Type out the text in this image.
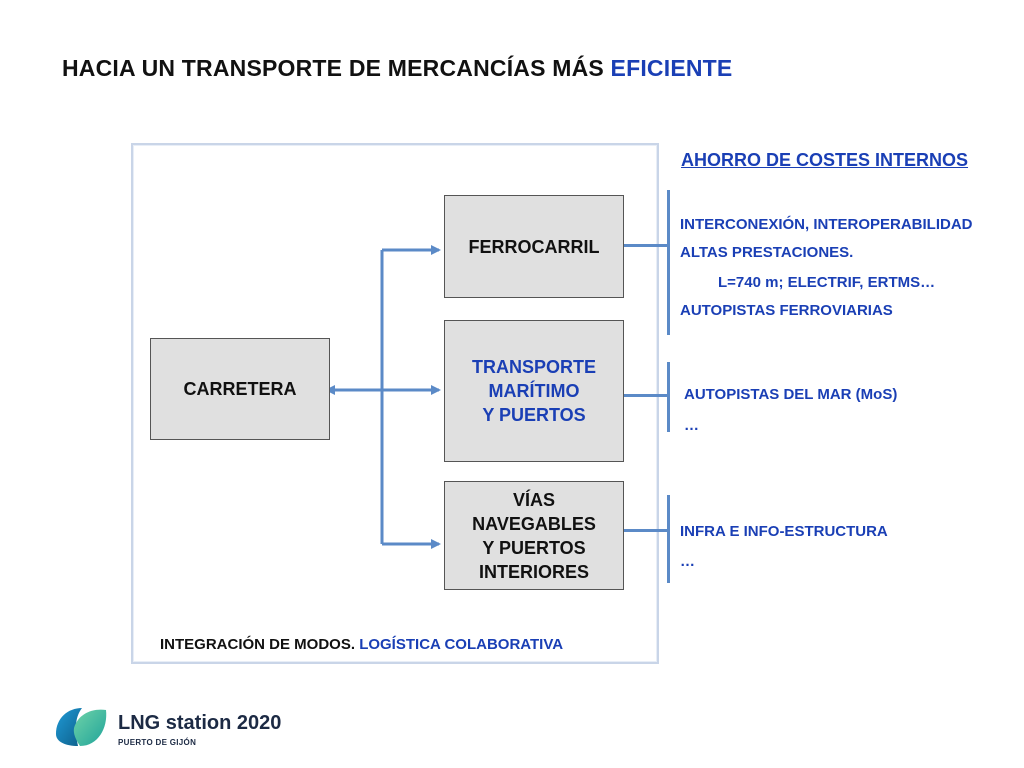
HACIA UN TRANSPORTE DE MERCANCÍAS MÁS EFICIENTE
CARRETERA
FERROCARRIL
TRANSPORTE
MARÍTIMO
Y PUERTOS
VÍAS
NAVEGABLES
Y PUERTOS
INTERIORES
INTEGRACIÓN DE MODOS. LOGÍSTICA COLABORATIVA
AHORRO DE COSTES INTERNOS
INTERCONEXIÓN, INTEROPERABILIDAD
ALTAS PRESTACIONES.
L=740 m; ELECTRIF, ERTMS…
AUTOPISTAS FERROVIARIAS
AUTOPISTAS DEL MAR (MoS)
…
INFRA E INFO-ESTRUCTURA
…
LNG station 2020
PUERTO DE GIJÓN
